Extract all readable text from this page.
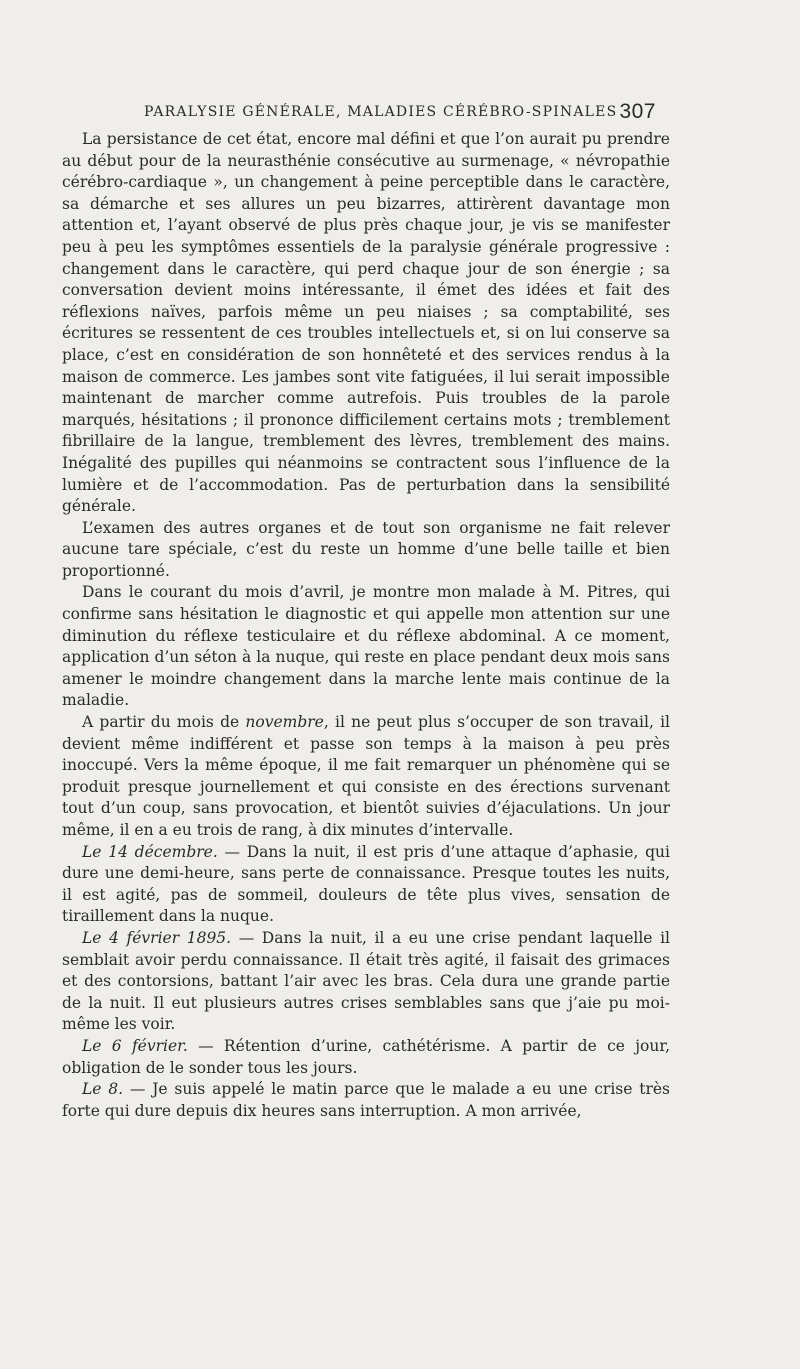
PARALYSIE GÉNÉRALE, MALADIES CÉRÉBRO-SPINALES 307

La persistance de cet état, encore mal défini et que l’on aurait pu prendre au début pour de la neurasthénie consécutive au surmenage, « névropathie cérébro-cardiaque », un changement à peine perceptible dans le caractère, sa démarche et ses allures un peu bizarres, attirèrent davantage mon attention et, l’ayant observé de plus près chaque jour, je vis se manifester peu à peu les symptômes essentiels de la paralysie générale progressive : changement dans le caractère, qui perd chaque jour de son énergie ; sa conversation devient moins intéressante, il émet des idées et fait des réflexions naïves, parfois même un peu niaises ; sa comptabilité, ses écritures se ressentent de ces troubles intellectuels et, si on lui conserve sa place, c’est en considération de son honnêteté et des services rendus à la maison de commerce. Les jambes sont vite fatiguées, il lui serait impossible maintenant de marcher comme autrefois. Puis troubles de la parole marqués, hésitations ; il prononce difficilement certains mots ; tremblement fibrillaire de la langue, tremblement des lèvres, tremblement des mains. Inégalité des pupilles qui néanmoins se contractent sous l’influence de la lumière et de l’accommodation. Pas de perturbation dans la sensibilité générale.

L’examen des autres organes et de tout son organisme ne fait relever aucune tare spéciale, c’est du reste un homme d’une belle taille et bien proportionné.

Dans le courant du mois d’avril, je montre mon malade à M. Pitres, qui confirme sans hésitation le diagnostic et qui appelle mon attention sur une diminution du réflexe testiculaire et du réflexe abdominal. A ce moment, application d’un séton à la nuque, qui reste en place pendant deux mois sans amener le moindre changement dans la marche lente mais continue de la maladie.

A partir du mois de novembre, il ne peut plus s’occuper de son travail, il devient même indifférent et passe son temps à la maison à peu près inoccupé. Vers la même époque, il me fait remarquer un phénomène qui se produit presque journellement et qui consiste en des érections survenant tout d’un coup, sans provocation, et bientôt suivies d’éjaculations. Un jour même, il en a eu trois de rang, à dix minutes d’intervalle.

Le 14 décembre. — Dans la nuit, il est pris d’une attaque d’aphasie, qui dure une demi-heure, sans perte de connaissance. Presque toutes les nuits, il est agité, pas de sommeil, douleurs de tête plus vives, sensation de tiraillement dans la nuque.

Le 4 février 1895. — Dans la nuit, il a eu une crise pendant laquelle il semblait avoir perdu connaissance. Il était très agité, il faisait des grimaces et des contorsions, battant l’air avec les bras. Cela dura une grande partie de la nuit. Il eut plusieurs autres crises semblables sans que j’aie pu moi-même les voir.

Le 6 février. — Rétention d’urine, cathétérisme. A partir de ce jour, obligation de le sonder tous les jours.

Le 8. — Je suis appelé le matin parce que le malade a eu une crise très forte qui dure depuis dix heures sans interruption. A mon arrivée,
